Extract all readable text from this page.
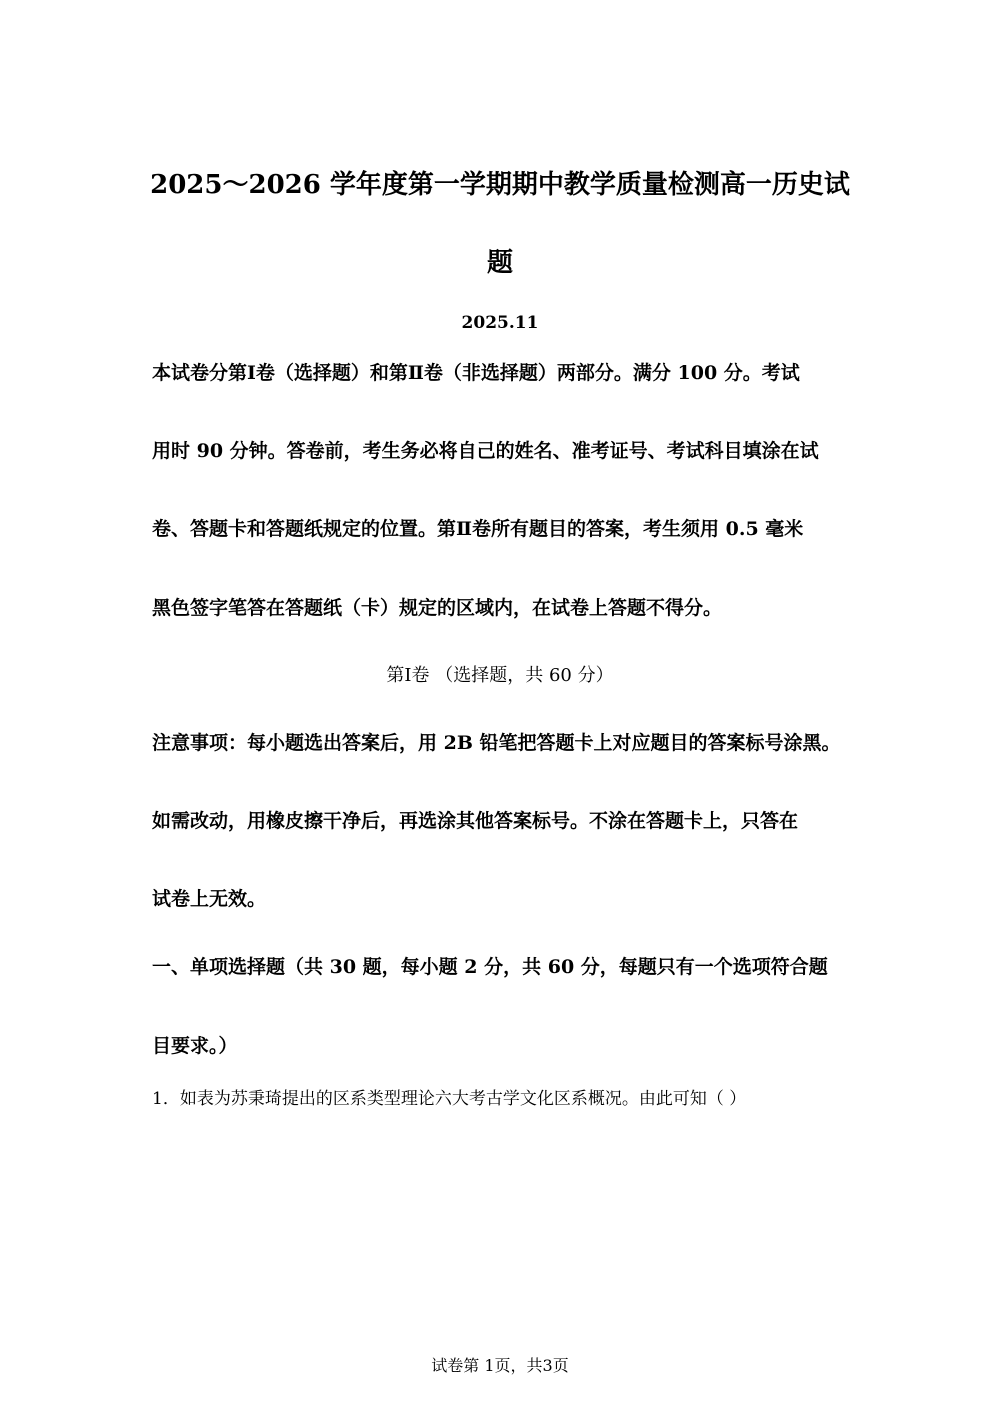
2025～2026 学年度第一学期期中教学质量检测高一历史试
题
2025.11
本试卷分第Ⅰ卷（选择题）和第Ⅱ卷（非选择题）两部分。满分 100 分。考试
用时 90 分钟。答卷前，考生务必将自己的姓名、准考证号、考试科目填涂在试
卷、答题卡和答题纸规定的位置。第Ⅱ卷所有题目的答案，考生须用 0.5 毫米
黑色签字笔答在答题纸（卡）规定的区域内，在试卷上答题不得分。
第Ⅰ卷 （选择题，共 60 分）
注意事项：每小题选出答案后，用 2B 铅笔把答题卡上对应题目的答案标号涂黑。
如需改动，用橡皮擦干净后，再选涂其他答案标号。不涂在答题卡上，只答在
试卷上无效。
一、单项选择题（共 30 题，每小题 2 分，共 60 分，每题只有一个选项符合题
目要求。）
1．如表为苏秉琦提出的区系类型理论六大考古学文化区系概况。由此可知（ ）
试卷第 1页，共3页
